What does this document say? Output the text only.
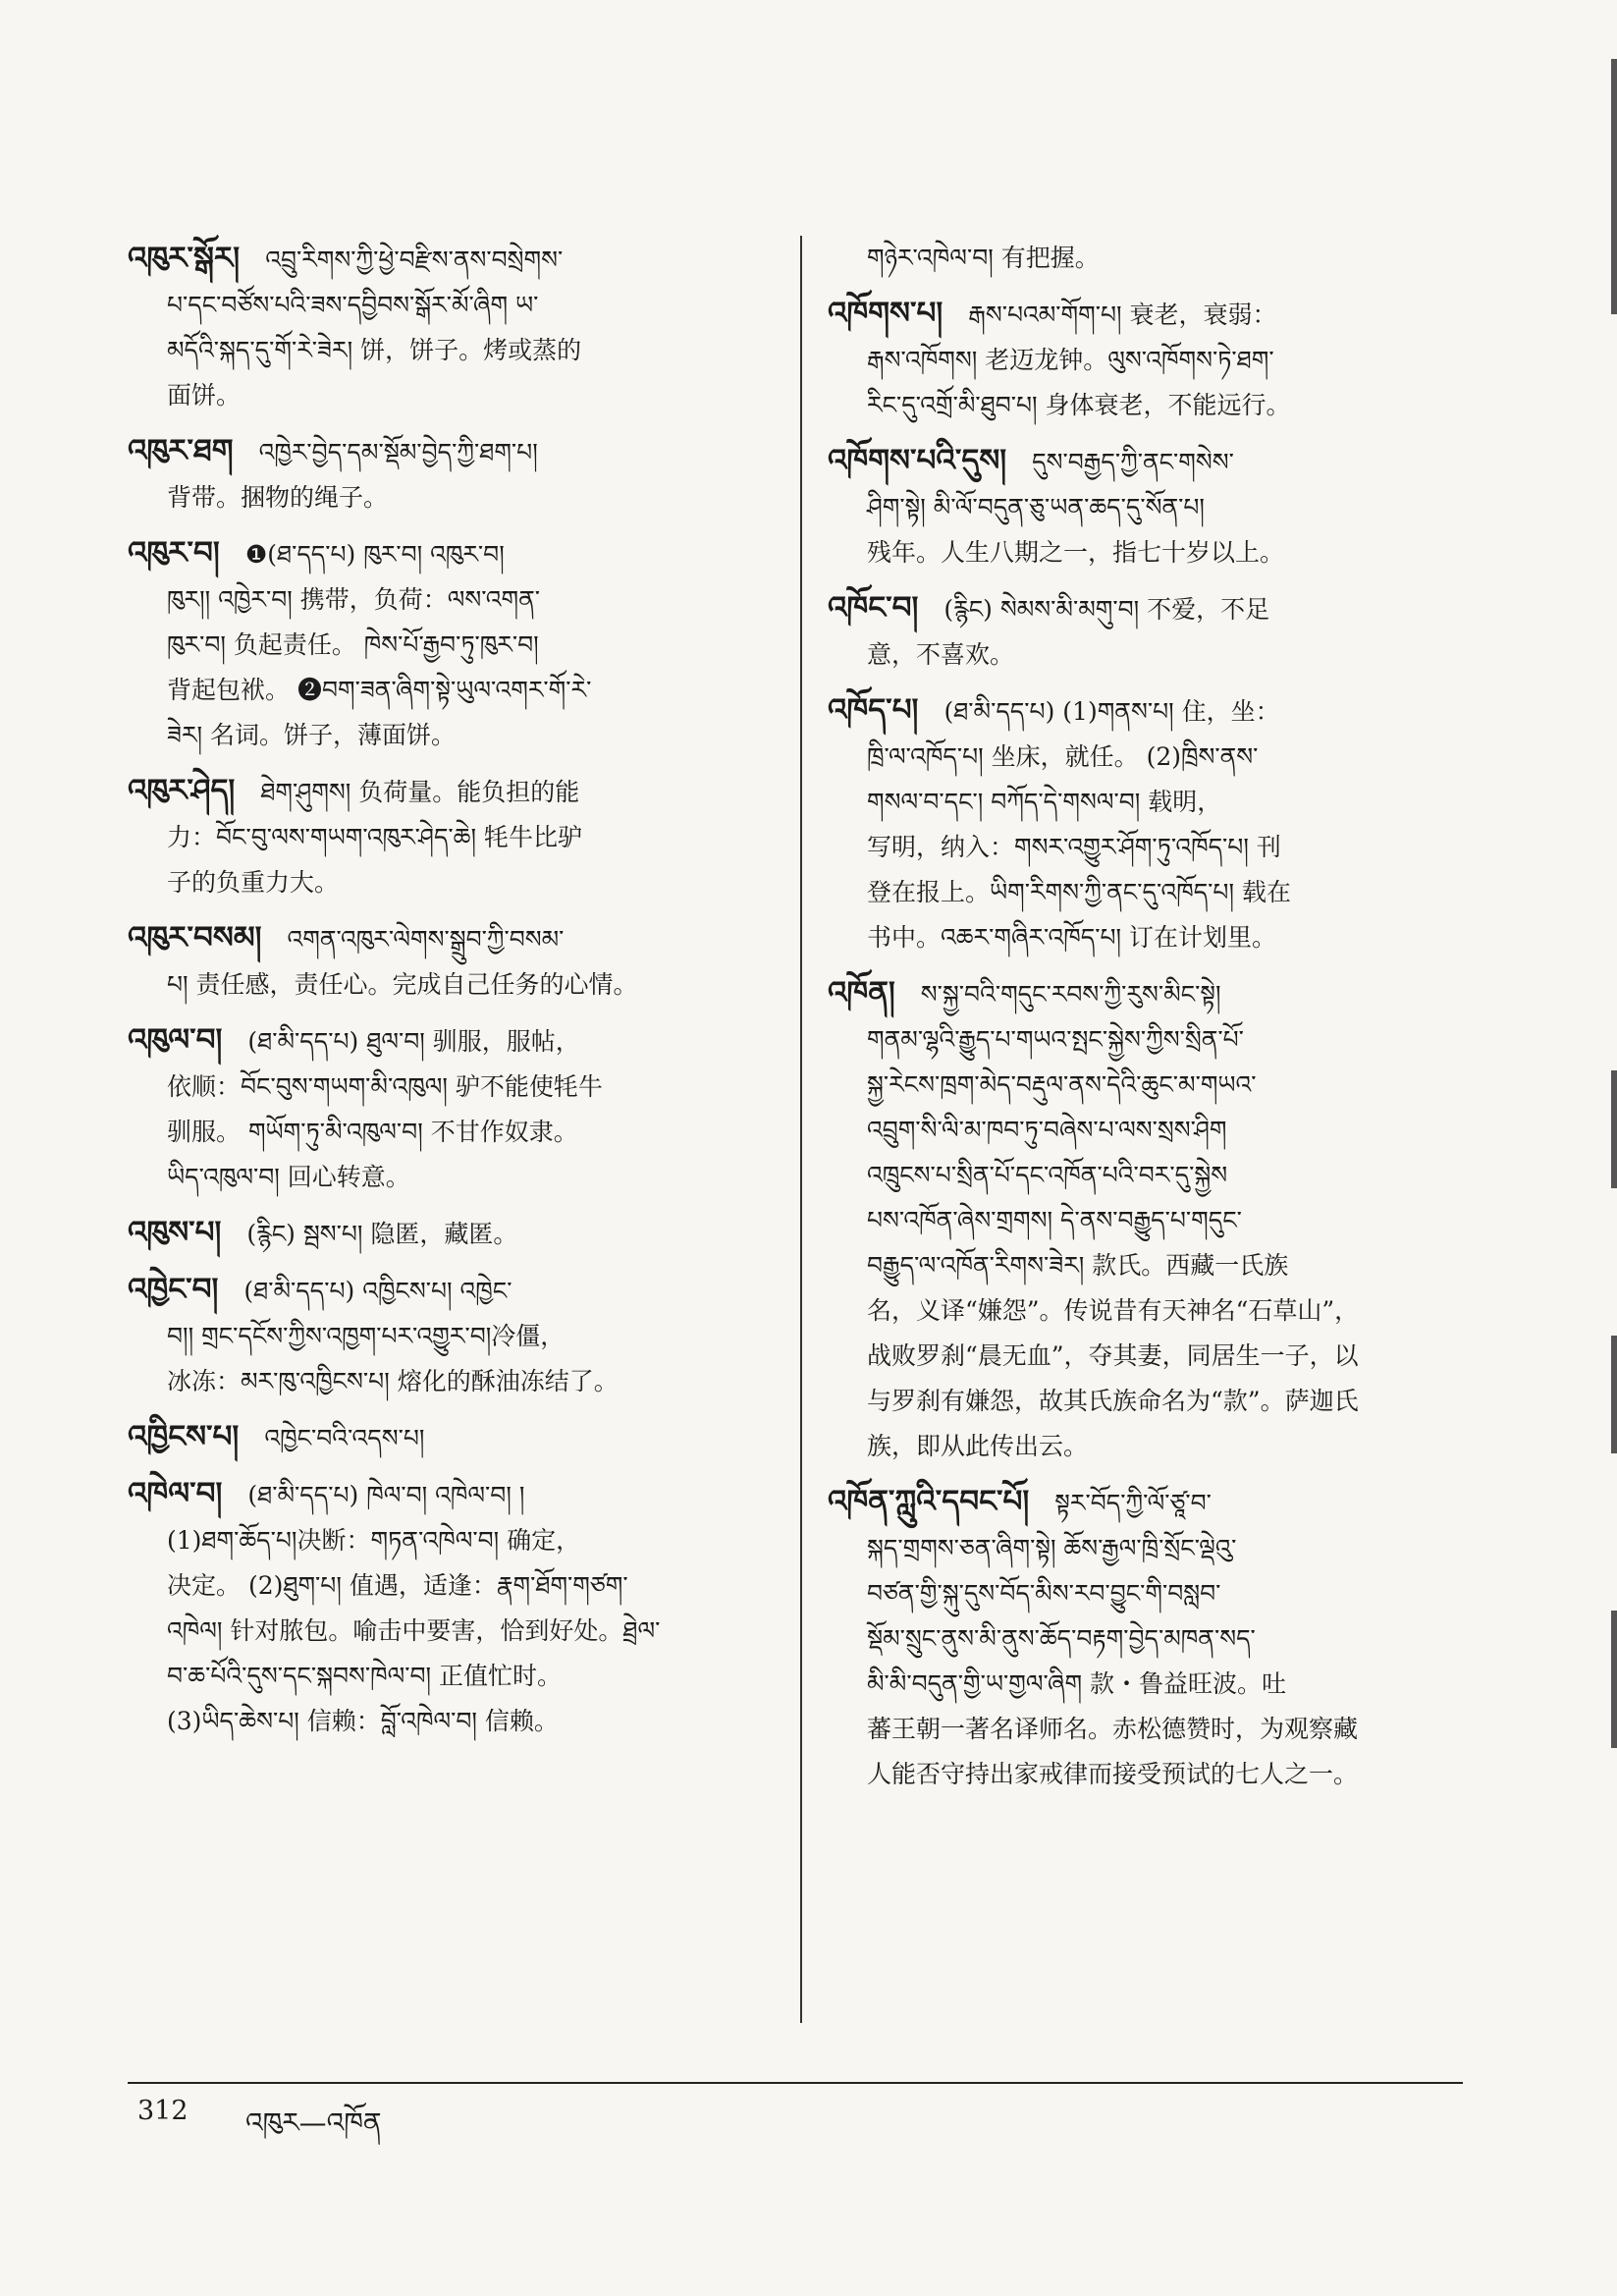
འཁུར་སྒོར། འབྲུ་རིགས་ཀྱི་ཕྱེ་བརྫིས་ནས་བསྲེགས་

པ་དང་བཙོས་པའི་ཟས་དབྱིབས་སྒོར་མོ་ཞིག ཡ་

མདོའི་སྐད་དུ་གོ་རེ་ཟེར། 饼，饼子。烤或蒸的

面饼。

འཁུར་ཐག འཁྱེར་བྱེད་དམ་སྡོམ་བྱེད་ཀྱི་ཐག་པ།

背带。捆物的绳子。

འཁུར་བ། ❶(ཐ་དད་པ) ཁུར་བ། འཁུར་བ།

ཁུར།། འཁྱེར་བ། 携带，负荷：ལས་འགན་

ཁུར་བ། 负起责任。 ཁེས་པོ་རྒྱབ་ཏུ་ཁུར་བ།

背起包袱。 ❷བག་ཟན་ཞིག་སྟེ་ཡུལ་འགར་གོ་རེ་

ཟེར། 名词。饼子，薄面饼。

འཁུར་ཤེད། ཐེག་ཤུགས། 负荷量。能负担的能

力：བོང་བུ་ལས་གཡག་འཁུར་ཤེད་ཆེ། 牦牛比驴

子的负重力大。

འཁུར་བསམ། འགན་འཁུར་ལེགས་སྒྲུབ་ཀྱི་བསམ་

པ། 责任感，责任心。完成自己任务的心情。

འཁུལ་བ། (ཐ་མི་དད་པ) ཐུལ་བ། 驯服，服帖，

依顺：བོང་བུས་གཡག་མི་འཁུལ། 驴不能使牦牛

驯服。 གཡོག་ཏུ་མི་འཁུལ་བ། 不甘作奴隶。

ཡིད་འཁུལ་བ། 回心转意。

འཁུས་པ། (རྙིང) སྦས་པ། 隐匿，藏匿。

འཁྱེང་བ། (ཐ་མི་དད་པ) འཁྱིངས་པ། འཁྱེང་

བ།། གྲང་དངོས་ཀྱིས་འཁྱག་པར་འགྱུར་བ།冷僵，

冰冻：མར་ཁུ་འཁྱིངས་པ། 熔化的酥油冻结了。

འཁྱིངས་པ། འཁྱེང་བའི་འདས་པ།

འཁེལ་བ། (ཐ་མི་དད་པ) ཁེལ་བ། འཁེལ་བ། །

(1)ཐག་ཆོད་པ།决断：གཏན་འཁེལ་བ། 确定，

决定。 (2)ཐུག་པ། 值遇，适逢：རྣག་ཐོག་གཙག་

འཁེལ། 针对脓包。喻击中要害，恰到好处。ཐྲེལ་

བ་ཆ་པོའི་དུས་དང་སྐབས་ཁེལ་བ། 正值忙时。

(3)ཡིད་ཆེས་པ། 信赖：བློ་འཁེལ་བ། 信赖。

གཉེར་འཁེལ་བ། 有把握。

འཁོགས་པ། རྒས་པའམ་གོག་པ། 衰老，衰弱：

རྒས་འཁོགས། 老迈龙钟。ལུས་འཁོགས་ཏེ་ཐག་

རིང་དུ་འགྲོ་མི་ཐུབ་པ། 身体衰老，不能远行。

འཁོགས་པའི་དུས། དུས་བརྒྱད་ཀྱི་ནང་གསེས་

ཤིག་སྟེ། མི་ལོ་བདུན་ཅུ་ཡན་ཆད་དུ་སོན་པ།

残年。人生八期之一，指七十岁以上。

འཁོང་བ། (རྙིང) སེམས་མི་མགུ་བ། 不爱，不足

意，不喜欢。

འཁོད་པ། (ཐ་མི་དད་པ) (1)གནས་པ། 住，坐：

ཁྲི་ལ་འཁོད་པ། 坐床，就任。 (2)ཁྲིས་ནས་

གསལ་བ་དང་། བཀོད་དེ་གསལ་བ། 载明，

写明，纳入：གསར་འགྱུར་ཤོག་ཏུ་འཁོད་པ། 刊

登在报上。ཡིག་རིགས་ཀྱི་ནང་དུ་འཁོད་པ། 载在

书中。འཆར་གཞིར་འཁོད་པ། 订在计划里。

འཁོན། ས་སྐྱ་བའི་གདུང་རབས་ཀྱི་རུས་མིང་སྟེ།

གནམ་ལྷའི་རྒྱུད་པ་གཡའ་སྤང་སྐྱེས་ཀྱིས་སྲིན་པོ་

སྐྱ་རེངས་ཁྲག་མེད་བརྡུལ་ནས་དེའི་ཆུང་མ་གཡའ་

འབྲུག་སི་ལི་མ་ཁབ་ཏུ་བཞེས་པ་ལས་སྲས་ཤིག

འཁྲུངས་པ་སྲིན་པོ་དང་འཁོན་པའི་བར་དུ་སྐྱེས

པས་འཁོན་ཞེས་གྲགས། དེ་ནས་བརྒྱུད་པ་གདུང་

བརྒྱུད་ལ་འཁོན་རིགས་ཟེར། 款氏。西藏一氏族

名，义译“嫌怨”。传说昔有天神名“石草山”，

战败罗刹“晨无血”，夺其妻，同居生一子，以

与罗刹有嫌怨，故其氏族命名为“款”。萨迦氏

族，即从此传出云。

འཁོན་ཀླུའི་དབང་པོ། སྟར་བོད་ཀྱི་ལོ་ཙཱ་བ་

སྐད་གྲགས་ཅན་ཞིག་སྟེ། ཆོས་རྒྱལ་ཁྲི་སྲོང་ལྡེའུ་

བཙན་གྱི་སྐུ་དུས་བོད་མིས་རབ་བྱུང་གི་བསླབ་

སྡོམ་སྲུང་ནུས་མི་ནུས་ཆོད་བརྟག་བྱེད་མཁན་སད་

མི་མི་བདུན་གྱི་ཡ་གྱལ་ཞིག 款・鲁益旺波。吐

蕃王朝一著名译师名。赤松德赞时，为观察藏

人能否守持出家戒律而接受预试的七人之一。

312 འཁུར—འཁོན
